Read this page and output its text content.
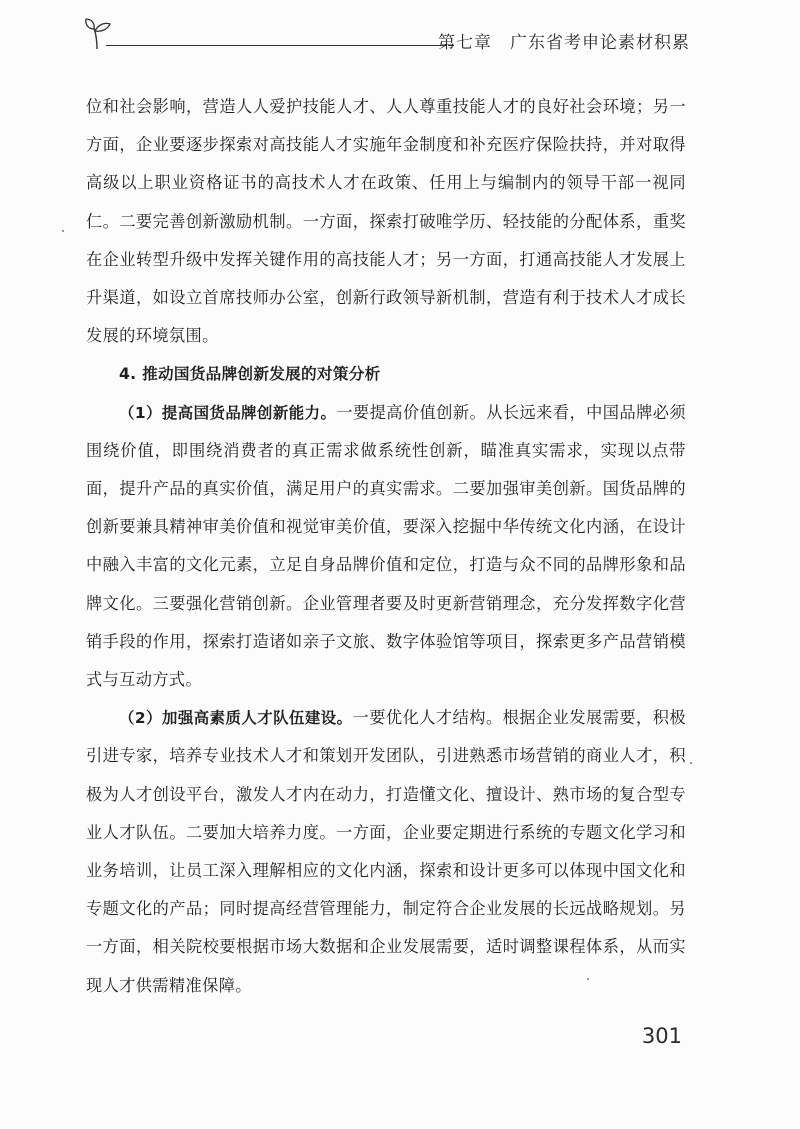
第七章 广东省考申论素材积累

位和社会影响，营造人人爱护技能人才、人人尊重技能人才的良好社会环境；另一方面，企业要逐步探索对高技能人才实施年金制度和补充医疗保险扶持，并对取得高级以上职业资格证书的高技术人才在政策、任用上与编制内的领导干部一视同仁。二要完善创新激励机制。一方面，探索打破唯学历、轻技能的分配体系，重奖在企业转型升级中发挥关键作用的高技能人才；另一方面，打通高技能人才发展上升渠道，如设立首席技师办公室，创新行政领导新机制，营造有利于技术人才成长发展的环境氛围。

4. 推动国货品牌创新发展的对策分析

（1）提高国货品牌创新能力。一要提高价值创新。从长远来看，中国品牌必须围绕价值，即围绕消费者的真正需求做系统性创新，瞄准真实需求，实现以点带面，提升产品的真实价值，满足用户的真实需求。二要加强审美创新。国货品牌的创新要兼具精神审美价值和视觉审美价值，要深入挖掘中华传统文化内涵，在设计中融入丰富的文化元素，立足自身品牌价值和定位，打造与众不同的品牌形象和品牌文化。三要强化营销创新。企业管理者要及时更新营销理念，充分发挥数字化营销手段的作用，探索打造诸如亲子文旅、数字体验馆等项目，探索更多产品营销模式与互动方式。

（2）加强高素质人才队伍建设。一要优化人才结构。根据企业发展需要，积极引进专家，培养专业技术人才和策划开发团队，引进熟悉市场营销的商业人才，积极为人才创设平台，激发人才内在动力，打造懂文化、擅设计、熟市场的复合型专业人才队伍。二要加大培养力度。一方面，企业要定期进行系统的专题文化学习和业务培训，让员工深入理解相应的文化内涵，探索和设计更多可以体现中国文化和专题文化的产品；同时提高经营管理能力，制定符合企业发展的长远战略规划。另一方面，相关院校要根据市场大数据和企业发展需要，适时调整课程体系，从而实现人才供需精准保障。

301
